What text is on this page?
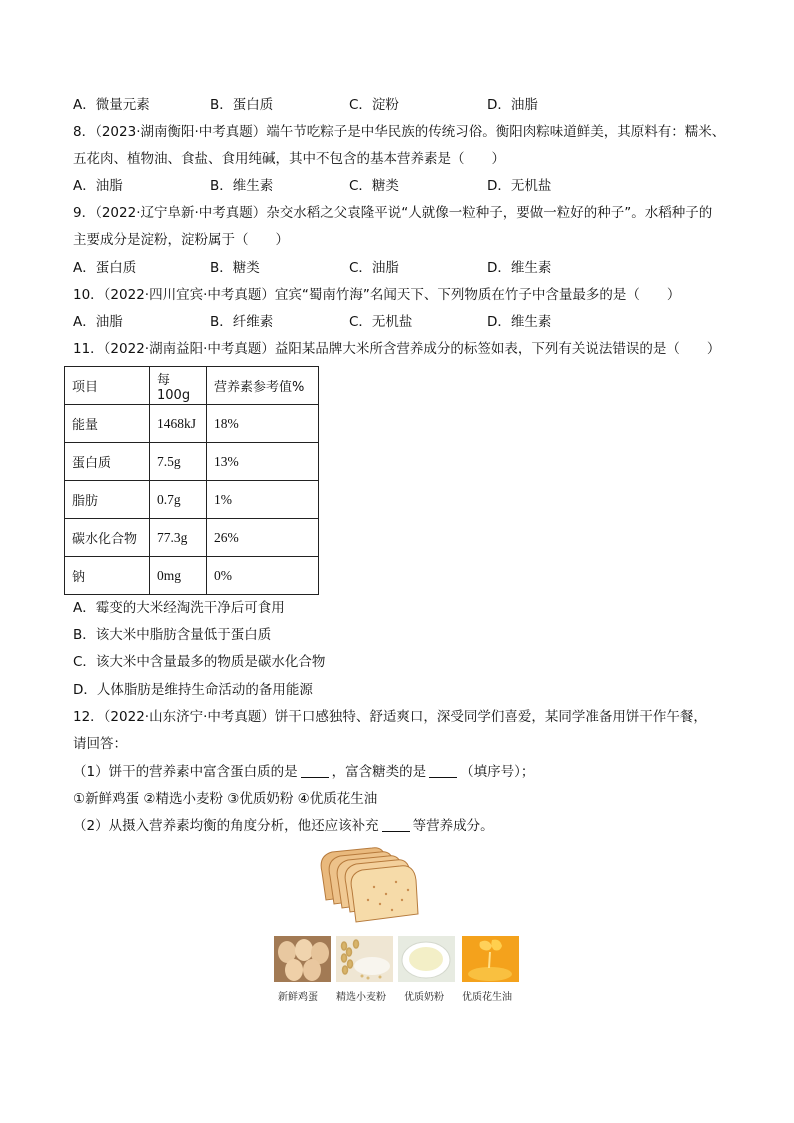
A．微量元素	B．蛋白质	C．淀粉	D．油脂
8．（2023·湖南衡阳·中考真题）端午节吃粽子是中华民族的传统习俗。衡阳肉粽味道鲜美，其原料有：糯米、
五花肉、植物油、食盐、食用纯碱，其中不包含的基本营养素是（　　）
A．油脂	B．维生素	C．糖类	D．无机盐
9．（2022·辽宁阜新·中考真题）杂交水稻之父袁隆平说“人就像一粒种子，要做一粒好的种子”。水稻种子的
主要成分是淀粉，淀粉属于（　　）
A．蛋白质	B．糖类	C．油脂	D．维生素
10．（2022·四川宜宾·中考真题）宜宾“蜀南竹海”名闻天下、下列物质在竹子中含量最多的是（　　）
A．油脂	B．纤维素	C．无机盐	D．维生素
11．（2022·湖南益阳·中考真题）益阳某品牌大米所含营养成分的标签如表，下列有关说法错误的是（　　）
项目	每 100g	营养素参考值%
能量	1468kJ	18%
蛋白质	7.5g	13%
脂肪	0.7g	1%
碳水化合物	77.3g	26%
钠	0mg	0%
A．霉变的大米经淘洗干净后可食用
B．该大米中脂肪含量低于蛋白质
C．该大米中含量最多的物质是碳水化合物
D．人体脂肪是维持生命活动的备用能源
12．（2022·山东济宁·中考真题）饼干口感独特、舒适爽口，深受同学们喜爱，某同学准备用饼干作午餐，
请回答：
（1）饼干的营养素中富含蛋白质的是	，富含糖类的是	（填序号）；
①新鲜鸡蛋 ②精选小麦粉 ③优质奶粉 ④优质花生油
（2）从摄入营养素均衡的角度分析，他还应该补充	等营养成分。
新鲜鸡蛋 精选小麦粉 优质奶粉 优质花生油
